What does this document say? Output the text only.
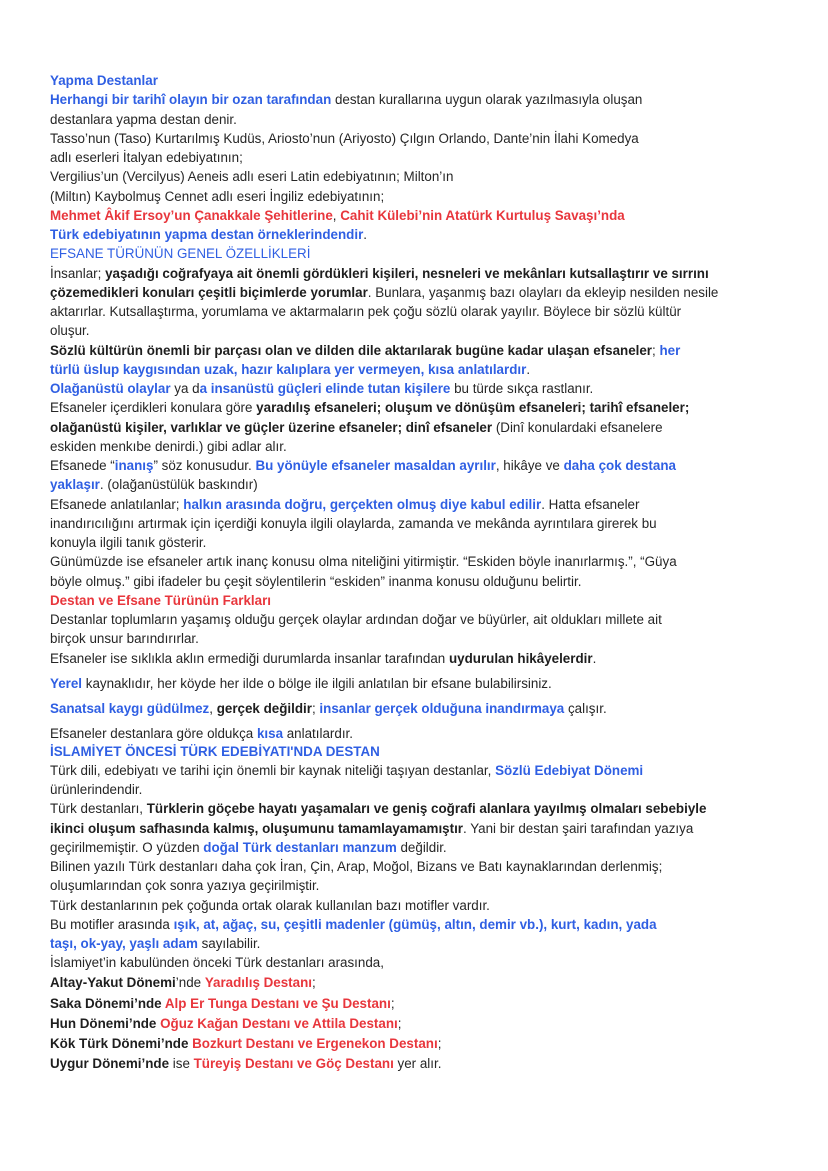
Yapma Destanlar
Herhangi bir tarihî olayın bir ozan tarafından destan kurallarına uygun olarak yazılmasıyla oluşan
destanlara yapma destan denir.
Tasso’nun (Taso) Kurtarılmış Kudüs, Ariosto’nun (Ariyosto) Çılgın Orlando, Dante’nin İlahi Komedya
adlı eserleri İtalyan edebiyatının;
Vergilius’un (Vercilyus) Aeneis adlı eseri Latin edebiyatının; Milton’ın
(Miltın) Kaybolmuş Cennet adlı eseri İngiliz edebiyatının;
Mehmet Âkif Ersoy’un Çanakkale Şehitlerine, Cahit Külebi’nin Atatürk Kurtuluş Savaşı’nda
Türk edebiyatının yapma destan örneklerindendir.
EFSANE TÜRÜNÜN GENEL ÖZELLİKLERİ
İnsanlar; yaşadığı coğrafyaya ait önemli gördükleri kişileri, nesneleri ve mekânları kutsallaştırır ve sırrını
çözemedikleri konuları çeşitli biçimlerde yorumlar. Bunlara, yaşanmış bazı olayları da ekleyip nesilden nesile
aktarırlar. Kutsallaştırma, yorumlama ve aktarmaların pek çoğu sözlü olarak yayılır. Böylece bir sözlü kültür
oluşur.
Sözlü kültürün önemli bir parçası olan ve dilden dile aktarılarak bugüne kadar ulaşan efsaneler; her
türlü üslup kaygısından uzak, hazır kalıplara yer vermeyen, kısa anlatılardır.
Olağanüstü olaylar ya da insanüstü güçleri elinde tutan kişilere bu türde sıkça rastlanır.
Efsaneler içerdikleri konulara göre yaradılış efsaneleri; oluşum ve dönüşüm efsaneleri; tarihî efsaneler;
olağanüstü kişiler, varlıklar ve güçler üzerine efsaneler; dinî efsaneler (Dinî konulardaki efsanelere
eskiden menkıbe denirdi.) gibi adlar alır.
Efsanede “inanış” söz konusudur. Bu yönüyle efsaneler masaldan ayrılır, hikâye ve daha çok destana
yaklaşır. (olağanüstülük baskındır)
Efsanede anlatılanlar; halkın arasında doğru, gerçekten olmuş diye kabul edilir. Hatta efsaneler
inandırıcılığını artırmak için içerdiği konuyla ilgili olaylarda, zamanda ve mekânda ayrıntılara girerek bu
konuyla ilgili tanık gösterir.
Günümüzde ise efsaneler artık inanç konusu olma niteliğini yitirmiştir. “Eskiden böyle inanırlarmış.”, “Güya
böyle olmuş.” gibi ifadeler bu çeşit söylentilerin “eskiden” inanma konusu olduğunu belirtir.
Destan ve Efsane Türünün Farkları
Destanlar toplumların yaşamış olduğu gerçek olaylar ardından doğar ve büyürler, ait oldukları millete ait
birçok unsur barındırırlar.
Efsaneler ise sıklıkla aklın ermediği durumlarda insanlar tarafından uydurulan hikâyelerdir.
Yerel kaynaklıdır, her köyde her ilde o bölge ile ilgili anlatılan bir efsane bulabilirsiniz.
Sanatsal kaygı güdülmez, gerçek değildir; insanlar gerçek olduğuna inandırmaya çalışır.
Efsaneler destanlara göre oldukça kısa anlatılardır.
İSLAMİYET ÖNCESİ TÜRK EDEBİYATI'NDA DESTAN
Türk dili, edebiyatı ve tarihi için önemli bir kaynak niteliği taşıyan destanlar, Sözlü Edebiyat Dönemi
ürünlerindendir.
Türk destanları, Türklerin göçebe hayatı yaşamaları ve geniş coğrafi alanlara yayılmış olmaları sebebiyle
ikinci oluşum safhasında kalmış, oluşumunu tamamlayamamıştır. Yani bir destan şairi tarafından yazıya
geçirilmemiştir. O yüzden doğal Türk destanları manzum değildir.
Bilinen yazılı Türk destanları daha çok İran, Çin, Arap, Moğol, Bizans ve Batı kaynaklarından derlenmiş;
oluşumlarından çok sonra yazıya geçirilmiştir.
Türk destanlarının pek çoğunda ortak olarak kullanılan bazı motifler vardır.
Bu motifler arasında ışık, at, ağaç, su, çeşitli madenler (gümüş, altın, demir vb.), kurt, kadın, yada
taşı, ok-yay, yaşlı adam sayılabilir.
İslamiyet’in kabulünden önceki Türk destanları arasında,
Altay-Yakut Dönemi’nde Yaradılış Destanı;
Saka Dönemi’nde Alp Er Tunga Destanı ve Şu Destanı;
Hun Dönemi’nde Oğuz Kağan Destanı ve Attila Destanı;
Kök Türk Dönemi’nde Bozkurt Destanı ve Ergenekon Destanı;
Uygur Dönemi’nde ise Türeyiş Destanı ve Göç Destanı yer alır.
